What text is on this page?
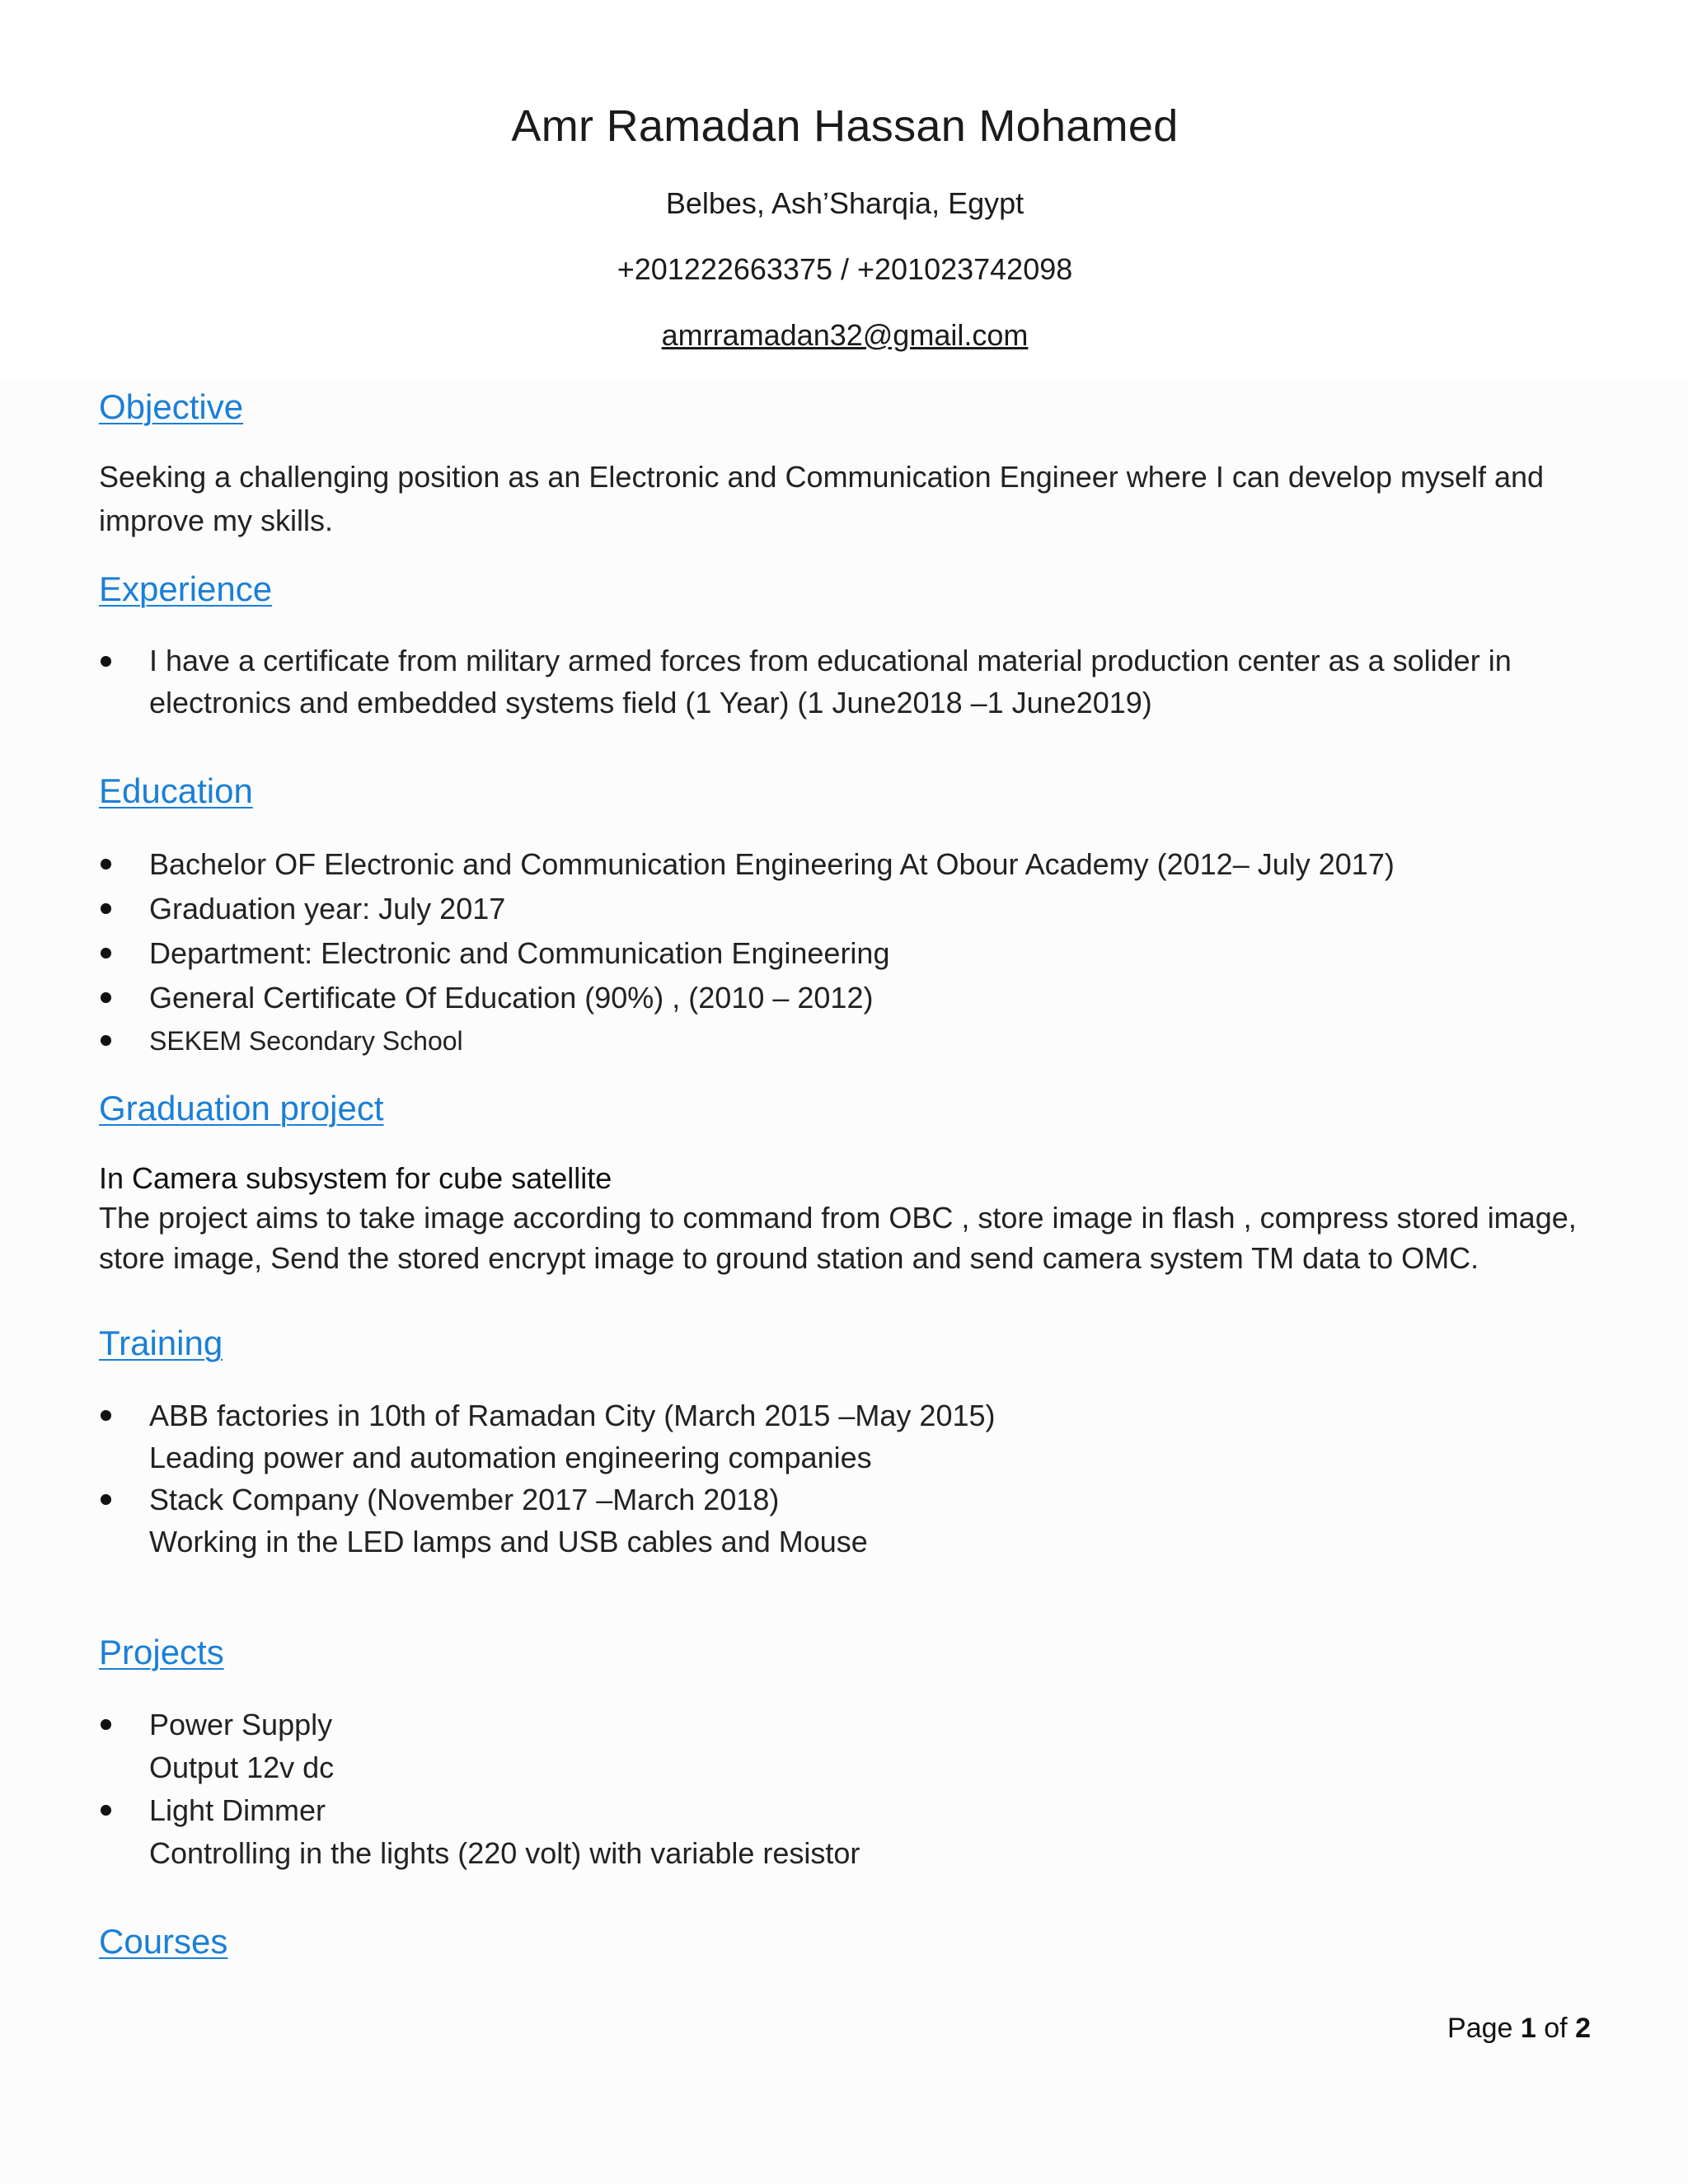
Amr Ramadan Hassan Mohamed
Belbes, Ash’Sharqia, Egypt
+201222663375 / +201023742098
amrramadan32@gmail.com
Objective
Seeking a challenging position as an Electronic and Communication Engineer where I can develop myself and improve my skills.
Experience
I have a certificate from military armed forces from educational material production center as a solider in electronics and embedded systems field (1 Year) (1 June2018 –1 June2019)
Education
Bachelor OF Electronic and Communication Engineering At Obour Academy (2012– July 2017)
Graduation year: July 2017
Department: Electronic and Communication Engineering
General Certificate Of Education (90%) , (2010 – 2012)
SEKEM Secondary School
Graduation project
In Camera subsystem for cube satellite
The project aims to take image according to command from OBC , store image in flash , compress stored image, store image, Send the stored encrypt image to ground station and send camera system TM data to OMC.
Training
ABB factories in 10th of Ramadan City (March 2015 –May 2015)
Leading power and automation engineering companies
Stack Company (November 2017 –March 2018)
Working in the LED lamps and USB cables and Mouse
Projects
Power Supply
Output 12v dc
Light Dimmer
Controlling in the lights (220 volt) with variable resistor
Courses
Page 1 of 2
